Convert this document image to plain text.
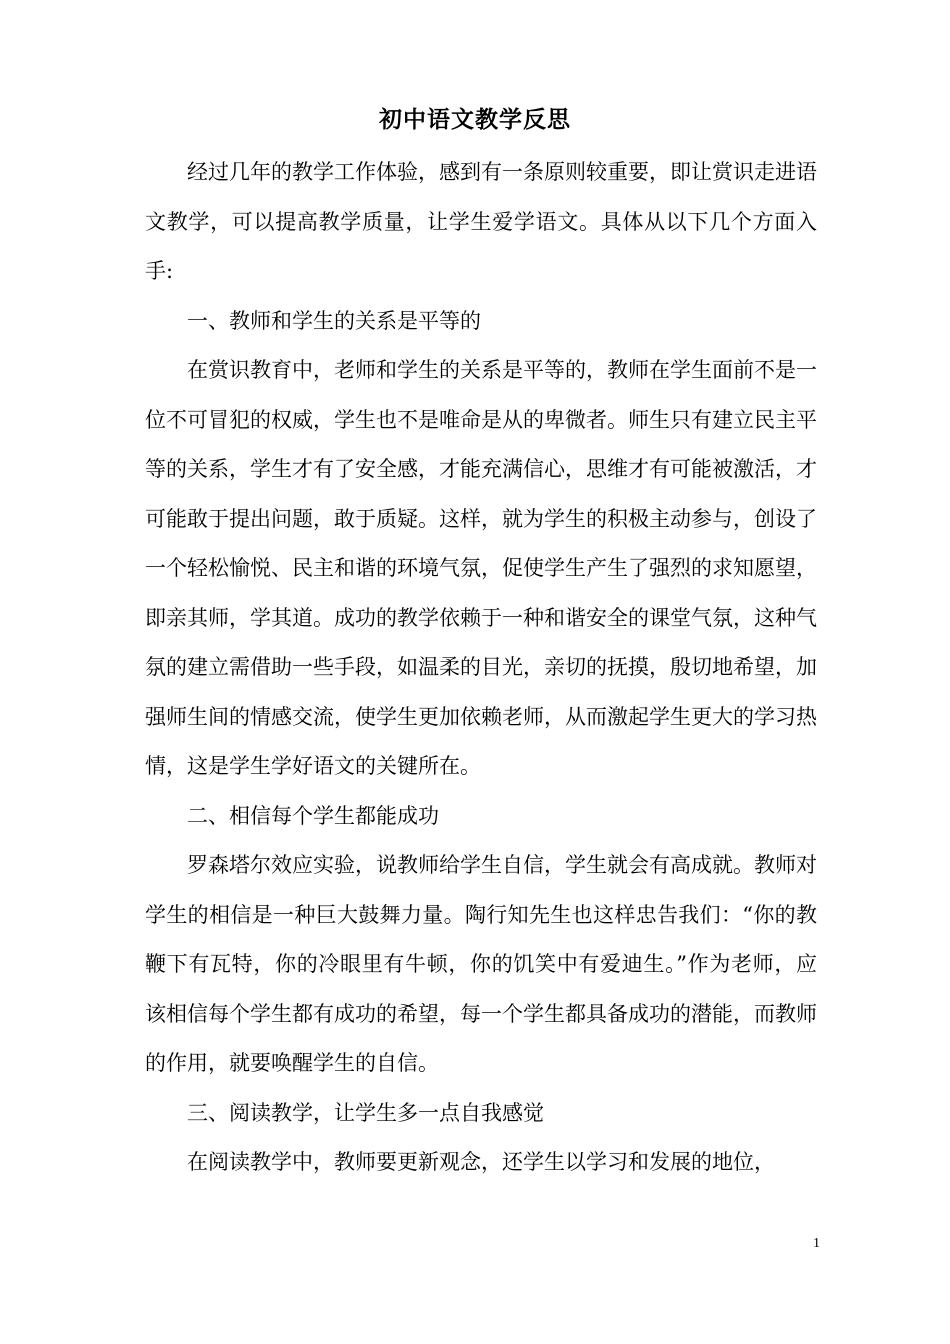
初中语文教学反思

经过几年的教学工作体验，感到有一条原则较重要，即让赏识走进语文教学，可以提高教学质量，让学生爱学语文。具体从以下几个方面入手:

一、教师和学生的关系是平等的

在赏识教育中，老师和学生的关系是平等的，教师在学生面前不是一位不可冒犯的权威，学生也不是唯命是从的卑微者。师生只有建立民主平等的关系，学生才有了安全感，才能充满信心，思维才有可能被激活，才可能敢于提出问题，敢于质疑。这样，就为学生的积极主动参与，创设了一个轻松愉悦、民主和谐的环境气氛，促使学生产生了强烈的求知愿望，即亲其师，学其道。成功的教学依赖于一种和谐安全的课堂气氛，这种气氛的建立需借助一些手段，如温柔的目光，亲切的抚摸，殷切地希望，加强师生间的情感交流，使学生更加依赖老师，从而激起学生更大的学习热情，这是学生学好语文的关键所在。

二、相信每个学生都能成功

罗森塔尔效应实验，说教师给学生自信，学生就会有高成就。教师对学生的相信是一种巨大鼓舞力量。陶行知先生也这样忠告我们：“你的教鞭下有瓦特，你的冷眼里有牛顿，你的饥笑中有爱迪生。”作为老师，应该相信每个学生都有成功的希望，每一个学生都具备成功的潜能，而教师的作用，就要唤醒学生的自信。

三、阅读教学，让学生多一点自我感觉

在阅读教学中，教师要更新观念，还学生以学习和发展的地位，

1
